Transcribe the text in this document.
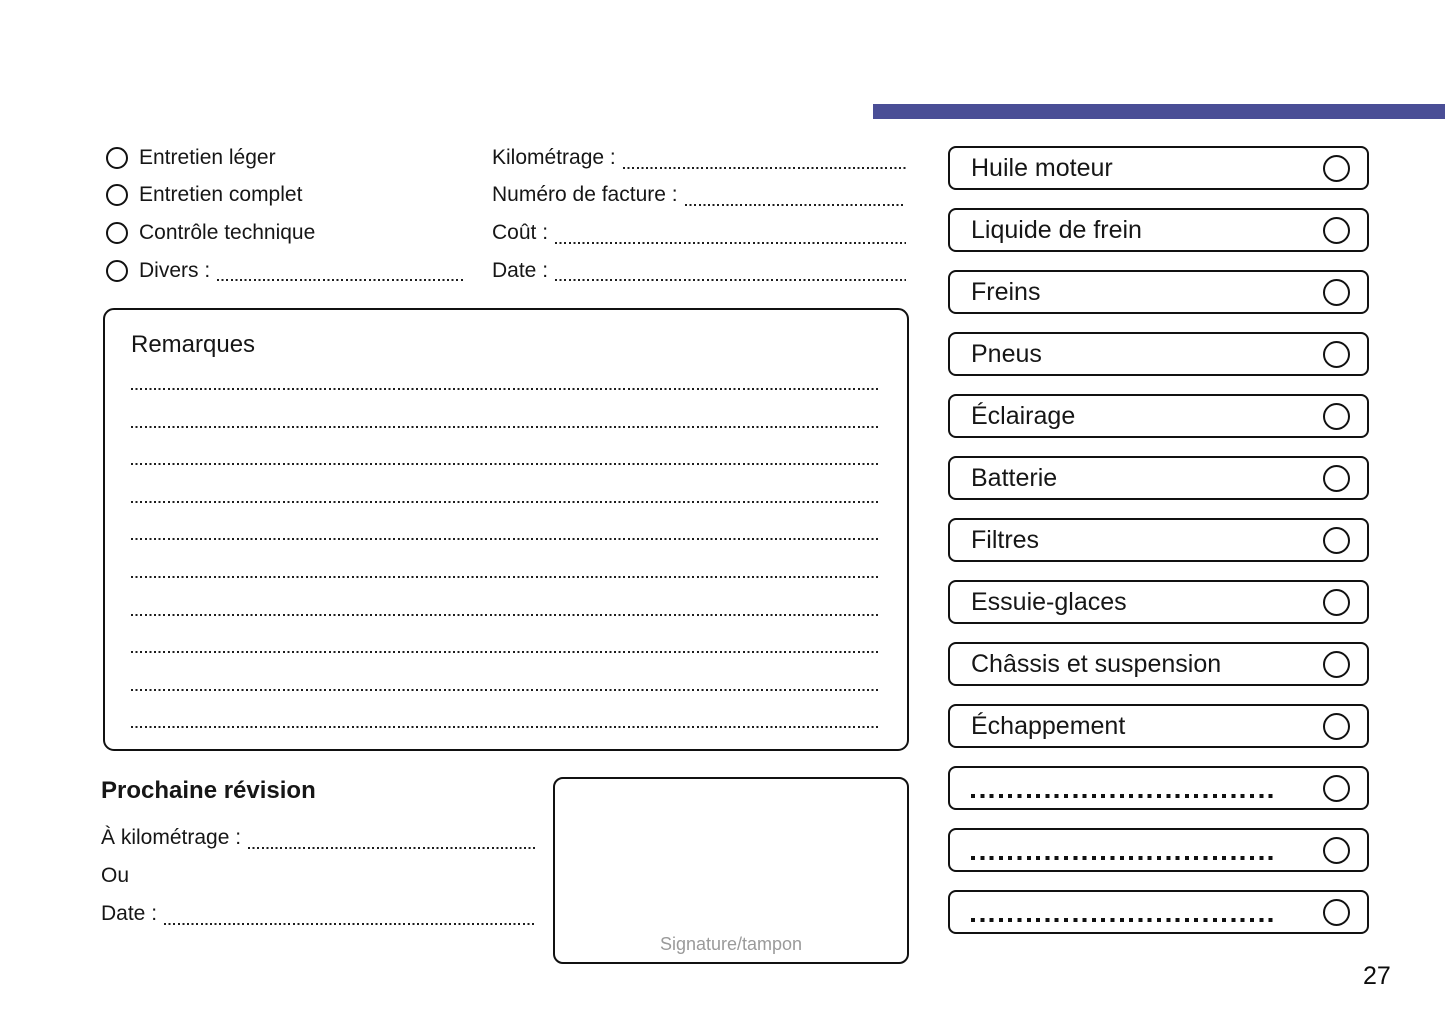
Entretien léger
Entretien complet
Contrôle technique
Divers :
Kilométrage :
Numéro de facture :
Coût :
Date :
Remarques
Prochaine révision
À kilométrage :
Ou
Date :
Signature/tampon
Huile moteur
Liquide de frein
Freins
Pneus
Éclairage
Batterie
Filtres
Essuie-glaces
Châssis et suspension
Échappement
27
